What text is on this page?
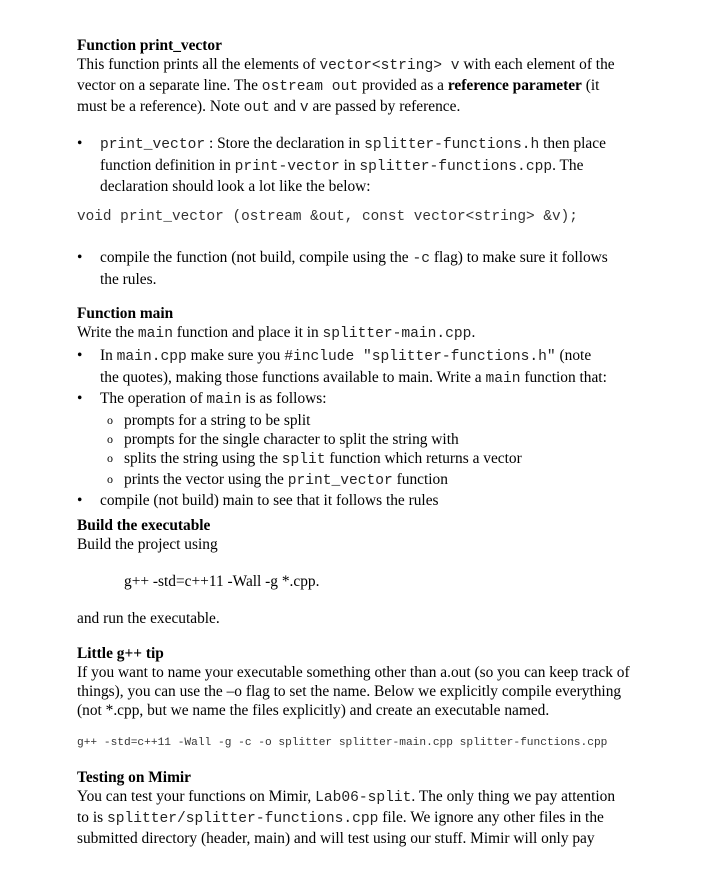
Function print_vector

This function prints all the elements of vector<string> v with each element of the

vector on a separate line. The ostream out provided as a reference parameter (it

must be a reference). Note out and v are passed by reference.

• print_vector : Store the declaration in splitter-functions.h then place
function definition in print-vector in splitter-functions.cpp. The
declaration should look a lot like the below:
void print_vector (ostream &out, const vector<string> &v);
• compile the function (not build, compile using the -c flag) to make sure it follows
the rules.
Function main

Write the main function and place it in splitter-main.cpp.

• In main.cpp make sure you #include "splitter-functions.h" (note
the quotes), making those functions available to main. Write a main function that:
• The operation of main is as follows:
o prompts for a string to be split
o prompts for the single character to split the string with
o splits the string using the split function which returns a vector
o prints the vector using the print_vector function
• compile (not build) main to see that it follows the rules
Build the executable

Build the project using

g++ -std=c++11 -Wall -g *.cpp.

and run the executable.

Little g++ tip

If you want to name your executable something other than a.out (so you can keep track of

things), you can use the –o flag to set the name. Below we explicitly compile everything

(not *.cpp, but we name the files explicitly) and create an executable named.

g++ -std=c++11 -Wall -g -c -o splitter splitter-main.cpp splitter-functions.cpp
Testing on Mimir

You can test your functions on Mimir, Lab06-split. The only thing we pay attention

to is splitter/splitter-functions.cpp file. We ignore any other files in the

submitted directory (header, main) and will test using our stuff. Mimir will only pay
